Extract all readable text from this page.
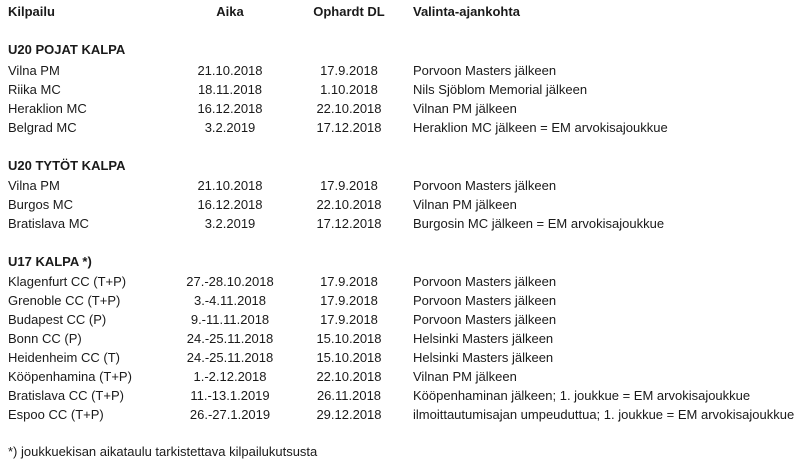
Kilpailu	Aika	Ophardt DL	Valinta-ajankohta
U20 POJAT KALPA
Vilna PM	21.10.2018	17.9.2018	Porvoon Masters jälkeen
Riika MC	18.11.2018	1.10.2018	Nils Sjöblom Memorial jälkeen
Heraklion MC	16.12.2018	22.10.2018	Vilnan PM jälkeen
Belgrad MC	3.2.2019	17.12.2018	Heraklion MC jälkeen = EM arvokisajoukkue
U20 TYTÖT KALPA
Vilna PM	21.10.2018	17.9.2018	Porvoon Masters jälkeen
Burgos MC	16.12.2018	22.10.2018	Vilnan PM jälkeen
Bratislava MC	3.2.2019	17.12.2018	Burgosin MC jälkeen = EM arvokisajoukkue
U17 KALPA *)
Klagenfurt CC (T+P)	27.-28.10.2018	17.9.2018	Porvoon Masters jälkeen
Grenoble CC (T+P)	3.-4.11.2018	17.9.2018	Porvoon Masters jälkeen
Budapest CC (P)	9.-11.11.2018	17.9.2018	Porvoon Masters jälkeen
Bonn CC (P)	24.-25.11.2018	15.10.2018	Helsinki Masters jälkeen
Heidenheim CC (T)	24.-25.11.2018	15.10.2018	Helsinki Masters jälkeen
Kööpenhamina (T+P)	1.-2.12.2018	22.10.2018	Vilnan PM jälkeen
Bratislava CC (T+P)	11.-13.1.2019	26.11.2018	Kööpenhaminan jälkeen; 1. joukkue = EM arvokisajoukkue
Espoo CC (T+P)	26.-27.1.2019	29.12.2018	ilmoittautumisajan umpeuduttua; 1. joukkue = EM arvokisajoukkue
*) joukkuekisan aikataulu tarkistettava kilpailukutsusta
